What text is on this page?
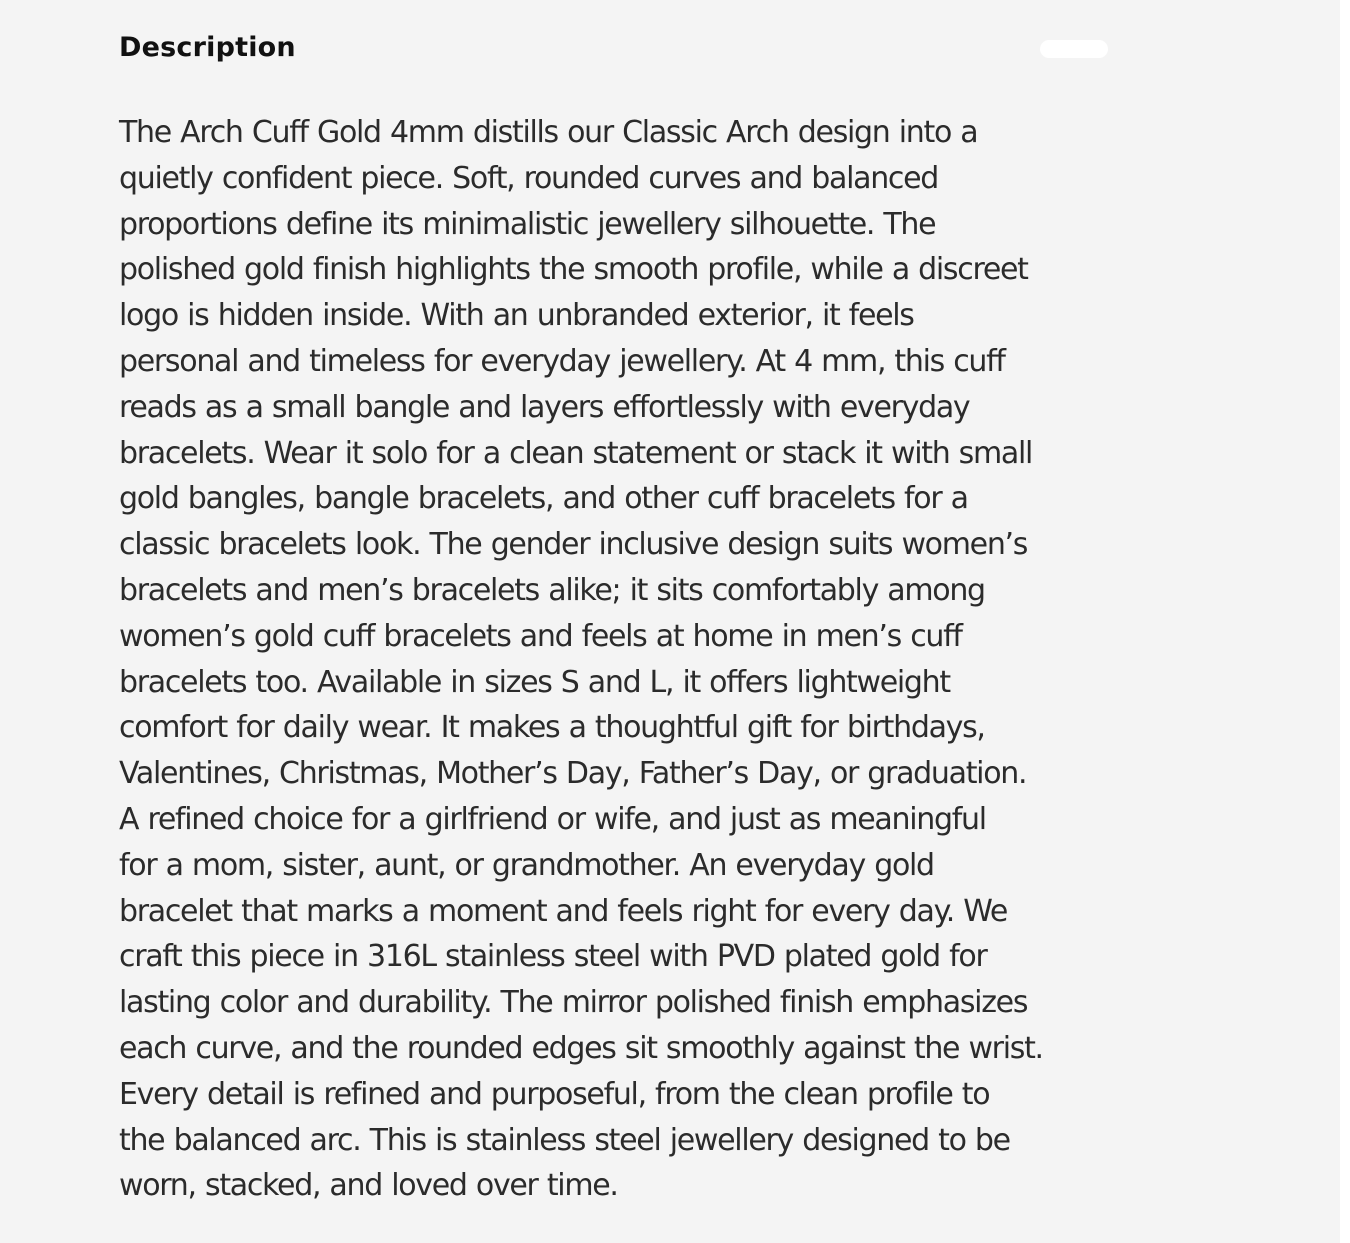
Description

The Arch Cuff Gold 4mm distills our Classic Arch design into a
quietly confident piece. Soft, rounded curves and balanced
proportions define its minimalistic jewellery silhouette. The
polished gold finish highlights the smooth profile, while a discreet
logo is hidden inside. With an unbranded exterior, it feels
personal and timeless for everyday jewellery. At 4 mm, this cuff
reads as a small bangle and layers effortlessly with everyday
bracelets. Wear it solo for a clean statement or stack it with small
gold bangles, bangle bracelets, and other cuff bracelets for a
classic bracelets look. The gender inclusive design suits women’s
bracelets and men’s bracelets alike; it sits comfortably among
women’s gold cuff bracelets and feels at home in men’s cuff
bracelets too. Available in sizes S and L, it offers lightweight
comfort for daily wear. It makes a thoughtful gift for birthdays,
Valentines, Christmas, Mother’s Day, Father’s Day, or graduation.
A refined choice for a girlfriend or wife, and just as meaningful
for a mom, sister, aunt, or grandmother. An everyday gold
bracelet that marks a moment and feels right for every day. We
craft this piece in 316L stainless steel with PVD plated gold for
lasting color and durability. The mirror polished finish emphasizes
each curve, and the rounded edges sit smoothly against the wrist.
Every detail is refined and purposeful, from the clean profile to
the balanced arc. This is stainless steel jewellery designed to be
worn, stacked, and loved over time.
